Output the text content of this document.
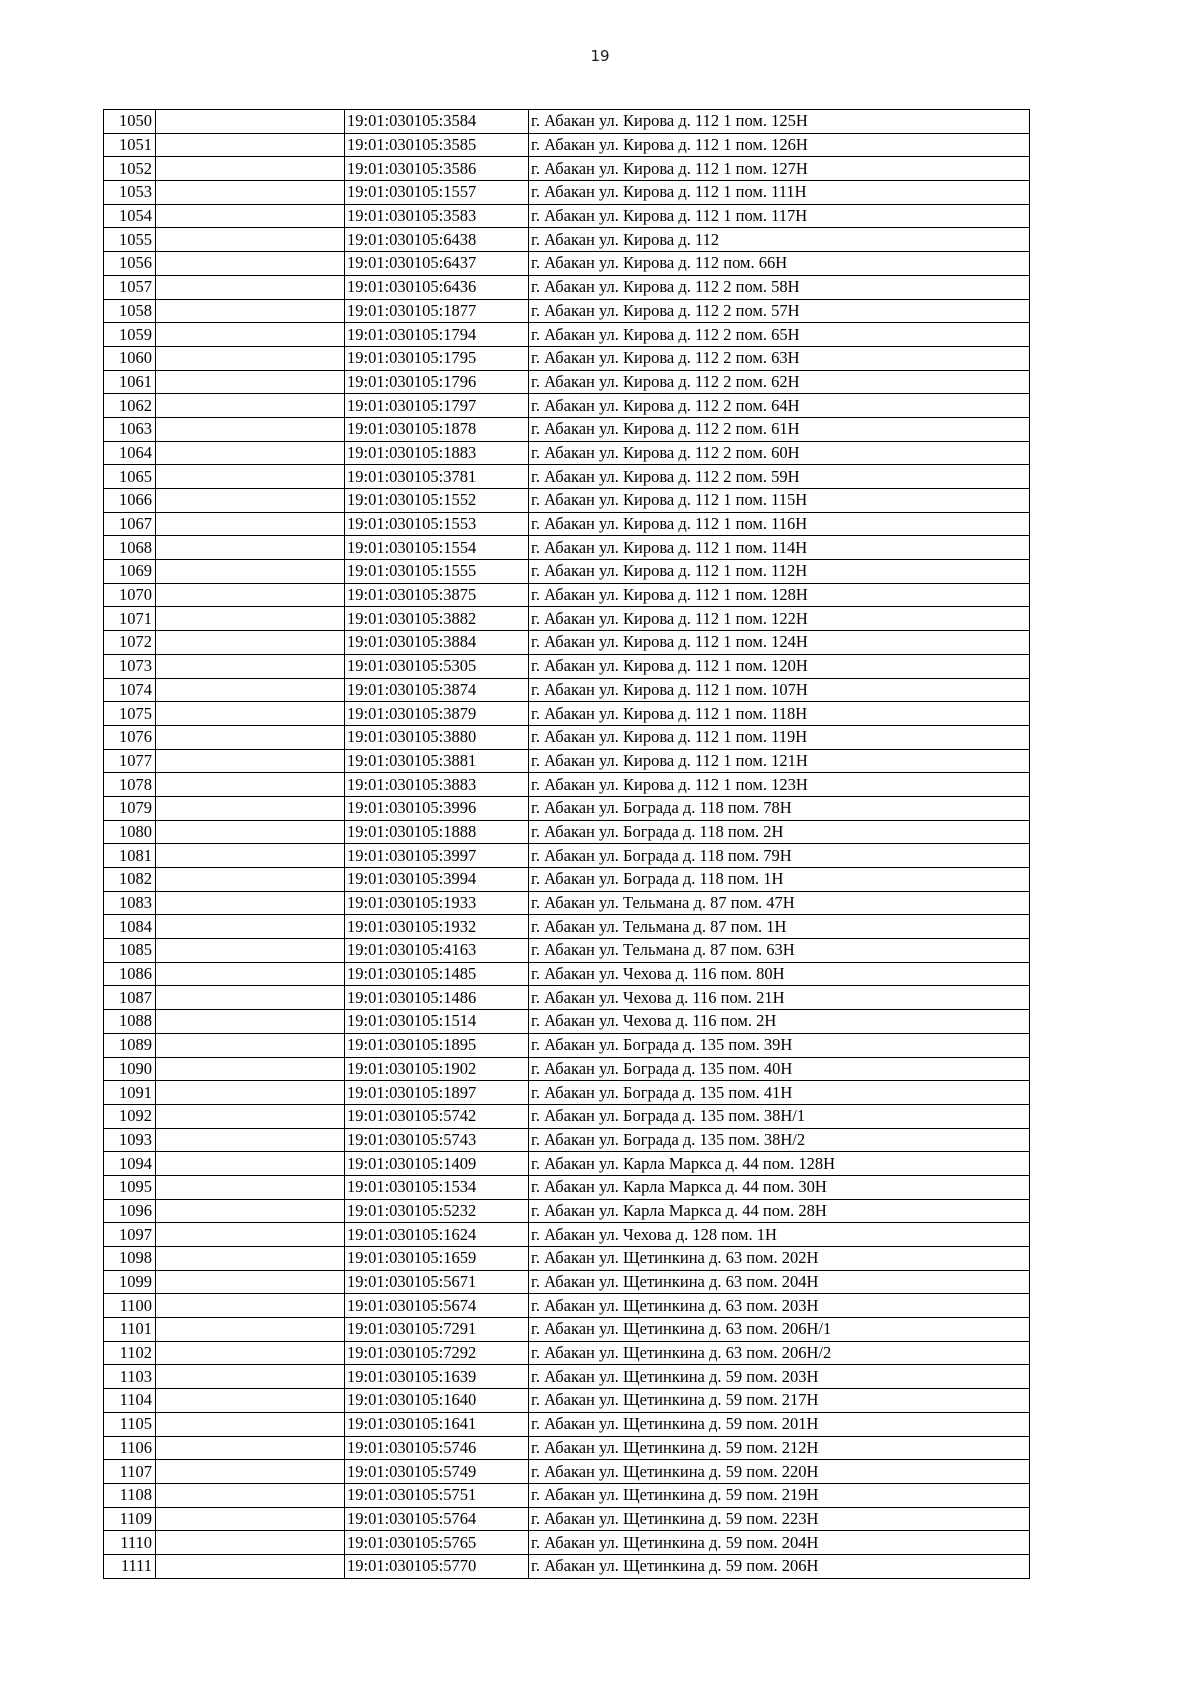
19
1050		19:01:030105:3584	г. Абакан ул. Кирова д. 112 1 пом. 125Н
1051		19:01:030105:3585	г. Абакан ул. Кирова д. 112 1 пом. 126Н
1052		19:01:030105:3586	г. Абакан ул. Кирова д. 112 1 пом. 127Н
1053		19:01:030105:1557	г. Абакан ул. Кирова д. 112 1 пом. 111Н
1054		19:01:030105:3583	г. Абакан ул. Кирова д. 112 1 пом. 117Н
1055		19:01:030105:6438	г. Абакан ул. Кирова д. 112
1056		19:01:030105:6437	г. Абакан ул. Кирова д. 112 пом. 66Н
1057		19:01:030105:6436	г. Абакан ул. Кирова д. 112 2 пом. 58Н
1058		19:01:030105:1877	г. Абакан ул. Кирова д. 112 2 пом. 57Н
1059		19:01:030105:1794	г. Абакан ул. Кирова д. 112 2 пом. 65Н
1060		19:01:030105:1795	г. Абакан ул. Кирова д. 112 2 пом. 63Н
1061		19:01:030105:1796	г. Абакан ул. Кирова д. 112 2 пом. 62Н
1062		19:01:030105:1797	г. Абакан ул. Кирова д. 112 2 пом. 64Н
1063		19:01:030105:1878	г. Абакан ул. Кирова д. 112 2 пом. 61Н
1064		19:01:030105:1883	г. Абакан ул. Кирова д. 112 2 пом. 60Н
1065		19:01:030105:3781	г. Абакан ул. Кирова д. 112 2 пом. 59Н
1066		19:01:030105:1552	г. Абакан ул. Кирова д. 112 1 пом. 115Н
1067		19:01:030105:1553	г. Абакан ул. Кирова д. 112 1 пом. 116Н
1068		19:01:030105:1554	г. Абакан ул. Кирова д. 112 1 пом. 114Н
1069		19:01:030105:1555	г. Абакан ул. Кирова д. 112 1 пом. 112Н
1070		19:01:030105:3875	г. Абакан ул. Кирова д. 112 1 пом. 128Н
1071		19:01:030105:3882	г. Абакан ул. Кирова д. 112 1 пом. 122Н
1072		19:01:030105:3884	г. Абакан ул. Кирова д. 112 1 пом. 124Н
1073		19:01:030105:5305	г. Абакан ул. Кирова д. 112 1 пом. 120Н
1074		19:01:030105:3874	г. Абакан ул. Кирова д. 112 1 пом. 107Н
1075		19:01:030105:3879	г. Абакан ул. Кирова д. 112 1 пом. 118Н
1076		19:01:030105:3880	г. Абакан ул. Кирова д. 112 1 пом. 119Н
1077		19:01:030105:3881	г. Абакан ул. Кирова д. 112 1 пом. 121Н
1078		19:01:030105:3883	г. Абакан ул. Кирова д. 112 1 пом. 123Н
1079		19:01:030105:3996	г. Абакан ул. Бограда д. 118 пом. 78Н
1080		19:01:030105:1888	г. Абакан ул. Бограда д. 118 пом. 2Н
1081		19:01:030105:3997	г. Абакан ул. Бограда д. 118 пом. 79Н
1082		19:01:030105:3994	г. Абакан ул. Бограда д. 118 пом. 1Н
1083		19:01:030105:1933	г. Абакан ул. Тельмана д. 87 пом. 47Н
1084		19:01:030105:1932	г. Абакан ул. Тельмана д. 87 пом. 1Н
1085		19:01:030105:4163	г. Абакан ул. Тельмана д. 87 пом. 63Н
1086		19:01:030105:1485	г. Абакан ул. Чехова д. 116 пом. 80Н
1087		19:01:030105:1486	г. Абакан ул. Чехова д. 116 пом. 21Н
1088		19:01:030105:1514	г. Абакан ул. Чехова д. 116 пом. 2Н
1089		19:01:030105:1895	г. Абакан ул. Бограда д. 135 пом. 39Н
1090		19:01:030105:1902	г. Абакан ул. Бограда д. 135 пом. 40Н
1091		19:01:030105:1897	г. Абакан ул. Бограда д. 135 пом. 41Н
1092		19:01:030105:5742	г. Абакан ул. Бограда д. 135 пом. 38Н/1
1093		19:01:030105:5743	г. Абакан ул. Бограда д. 135 пом. 38Н/2
1094		19:01:030105:1409	г. Абакан ул. Карла Маркса д. 44 пом. 128Н
1095		19:01:030105:1534	г. Абакан ул. Карла Маркса д. 44 пом. 30Н
1096		19:01:030105:5232	г. Абакан ул. Карла Маркса д. 44 пом. 28Н
1097		19:01:030105:1624	г. Абакан ул. Чехова д. 128 пом. 1Н
1098		19:01:030105:1659	г. Абакан ул. Щетинкина д. 63 пом. 202Н
1099		19:01:030105:5671	г. Абакан ул. Щетинкина д. 63 пом. 204Н
1100		19:01:030105:5674	г. Абакан ул. Щетинкина д. 63 пом. 203Н
1101		19:01:030105:7291	г. Абакан ул. Щетинкина д. 63 пом. 206Н/1
1102		19:01:030105:7292	г. Абакан ул. Щетинкина д. 63 пом. 206Н/2
1103		19:01:030105:1639	г. Абакан ул. Щетинкина д. 59 пом. 203Н
1104		19:01:030105:1640	г. Абакан ул. Щетинкина д. 59 пом. 217Н
1105		19:01:030105:1641	г. Абакан ул. Щетинкина д. 59 пом. 201Н
1106		19:01:030105:5746	г. Абакан ул. Щетинкина д. 59 пом. 212Н
1107		19:01:030105:5749	г. Абакан ул. Щетинкина д. 59 пом. 220Н
1108		19:01:030105:5751	г. Абакан ул. Щетинкина д. 59 пом. 219Н
1109		19:01:030105:5764	г. Абакан ул. Щетинкина д. 59 пом. 223Н
1110		19:01:030105:5765	г. Абакан ул. Щетинкина д. 59 пом. 204Н
1111		19:01:030105:5770	г. Абакан ул. Щетинкина д. 59 пом. 206Н
